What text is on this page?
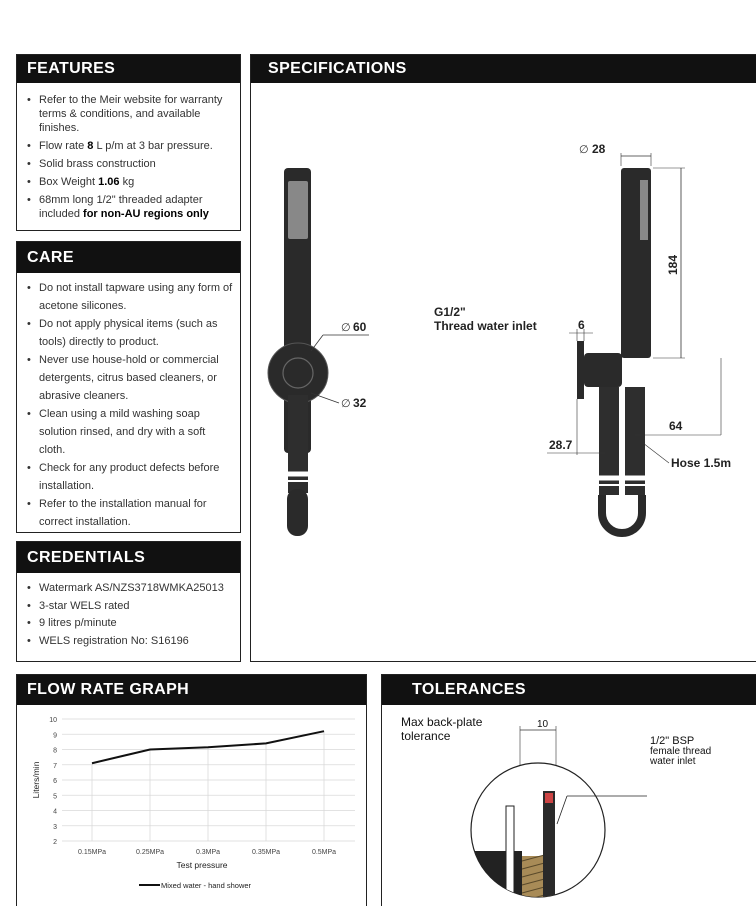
FEATURES
• Refer to the Meir website for warranty terms & conditions, and available finishes.
• Flow rate 8 L p/m at 3 bar pressure.
• Solid brass construction
• Box Weight 1.06 kg
• 68mm long 1/2" threaded adapter included for non-AU regions only
CARE
• Do not install tapware using any form of acetone silicones.
• Do not apply physical items (such as tools) directly to product.
• Never use house-hold or commercial detergents, citrus based cleaners, or abrasive cleaners.
• Clean using a mild washing soap solution rinsed, and dry with a soft cloth.
• Check for any product defects before installation.
• Refer to the installation manual for correct installation.
CREDENTIALS
• Watermark AS/NZS3718WMKA25013
• 3-star WELS rated
• 9 litres p/minute
• WELS registration No: S16196
SPECIFICATIONS
∅ 60
∅ 32
∅ 28
184
G1/2"
Thread water inlet	6
64
28.7
Hose 1.5m
FLOW RATE GRAPH
2
3
4
5
6
7
8
9
10
0.15MPa	0.25MPa	0.3MPa	0.35MPa	0.5MPa
Test pressure
Liters/min
Mixed water - hand shower
TOLERANCES
Max back-plate
tolerance
10
1/2" BSP
female thread
water inlet
